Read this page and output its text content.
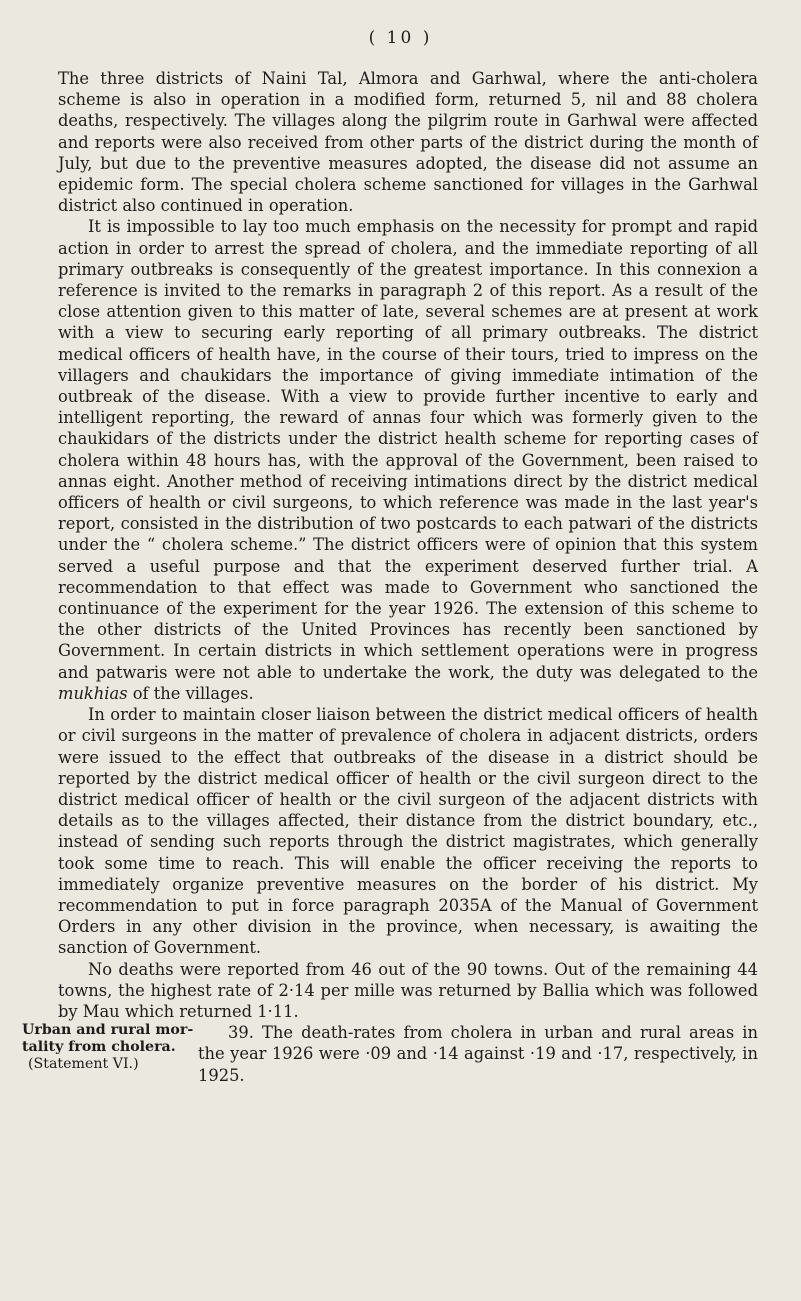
( 10 )

The three districts of Naini Tal, Almora and Garhwal, where the anti-cholera scheme is also in operation in a modified form, returned 5, nil and 88 cholera deaths, respectively. The villages along the pilgrim route in Garhwal were affected and reports were also received from other parts of the district during the month of July, but due to the preventive measures adopted, the disease did not assume an epidemic form. The special cholera scheme sanctioned for villages in the Garhwal district also continued in operation.

It is impossible to lay too much emphasis on the necessity for prompt and rapid action in order to arrest the spread of cholera, and the immediate reporting of all primary outbreaks is consequently of the greatest importance. In this connexion a reference is invited to the remarks in paragraph 2 of this report. As a result of the close attention given to this matter of late, several schemes are at present at work with a view to securing early reporting of all primary outbreaks. The district medical officers of health have, in the course of their tours, tried to impress on the villagers and chaukidars the importance of giving immediate intimation of the outbreak of the disease. With a view to provide further incentive to early and intelligent reporting, the reward of annas four which was formerly given to the chaukidars of the districts under the district health scheme for reporting cases of cholera within 48 hours has, with the approval of the Government, been raised to annas eight. Another method of receiving intimations direct by the district medical officers of health or civil surgeons, to which reference was made in the last year's report, consisted in the distribution of two postcards to each patwari of the districts under the “ cholera scheme.” The district officers were of opinion that this system served a useful purpose and that the experiment deserved further trial. A recommendation to that effect was made to Government who sanctioned the continuance of the experiment for the year 1926. The extension of this scheme to the other districts of the United Provinces has recently been sanctioned by Government. In certain districts in which settlement operations were in progress and patwaris were not able to undertake the work, the duty was delegated to the mukhias of the villages.

In order to maintain closer liaison between the district medical officers of health or civil surgeons in the matter of prevalence of cholera in adjacent districts, orders were issued to the effect that outbreaks of the disease in a district should be reported by the district medical officer of health or the civil surgeon direct to the district medical officer of health or the civil surgeon of the adjacent districts with details as to the villages affected, their distance from the district boundary, etc., instead of sending such reports through the district magistrates, which generally took some time to reach. This will enable the officer receiving the reports to immediately organize preventive measures on the border of his district. My recommendation to put in force paragraph 2035A of the Manual of Government Orders in any other division in the province, when necessary, is awaiting the sanction of Government.

No deaths were reported from 46 out of the 90 towns. Out of the remaining 44 towns, the highest rate of 2·14 per mille was returned by Ballia which was followed by Mau which returned 1·11.

Urban and rural mor-
tality from cholera.
(Statement VI.)
39. The death-rates from cholera in urban and rural areas in the year 1926 were ·09 and ·14 against ·19 and ·17, respectively, in 1925.
